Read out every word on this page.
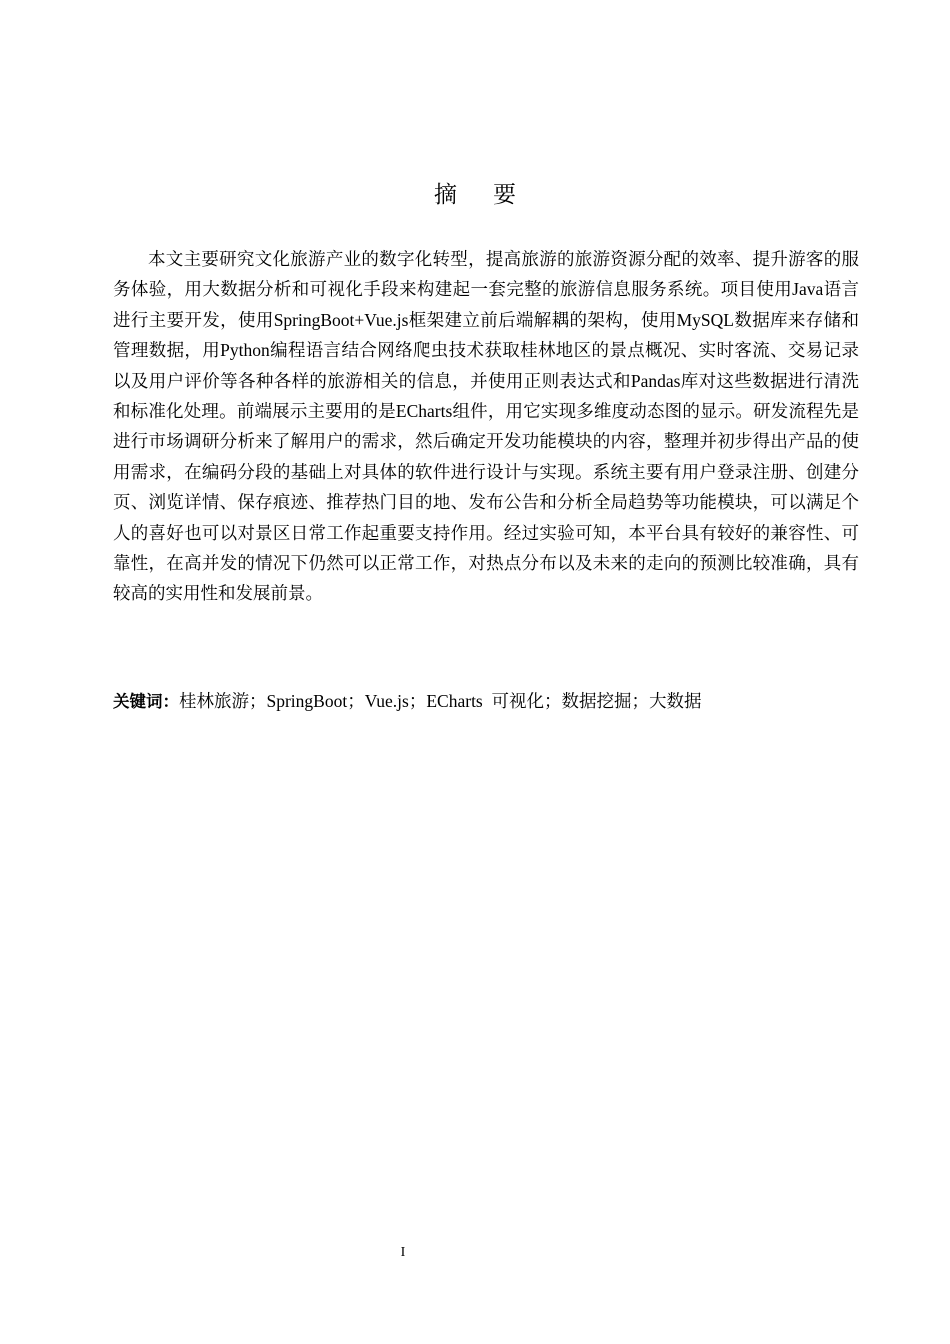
摘 要

本文主要研究文化旅游产业的数字化转型，提高旅游的旅游资源分配的效率、提升游客的服务体验，用大数据分析和可视化手段来构建起一套完整的旅游信息服务系统。项目使用Java语言进行主要开发，使用SpringBoot+Vue.js框架建立前后端解耦的架构，使用MySQL数据库来存储和管理数据，用Python编程语言结合网络爬虫技术获取桂林地区的景点概况、实时客流、交易记录以及用户评价等各种各样的旅游相关的信息，并使用正则表达式和Pandas库对这些数据进行清洗和标准化处理。前端展示主要用的是ECharts组件，用它实现多维度动态图的显示。研发流程先是进行市场调研分析来了解用户的需求，然后确定开发功能模块的内容，整理并初步得出产品的使用需求，在编码分段的基础上对具体的软件进行设计与实现。系统主要有用户登录注册、创建分页、浏览详情、保存痕迹、推荐热门目的地、发布公告和分析全局趋势等功能模块，可以满足个人的喜好也可以对景区日常工作起重要支持作用。经过实验可知，本平台具有较好的兼容性、可靠性，在高并发的情况下仍然可以正常工作，对热点分布以及未来的走向的预测比较准确，具有较高的实用性和发展前景。

关键词：桂林旅游；SpringBoot；Vue.js；ECharts  可视化；数据挖掘；大数据

I
